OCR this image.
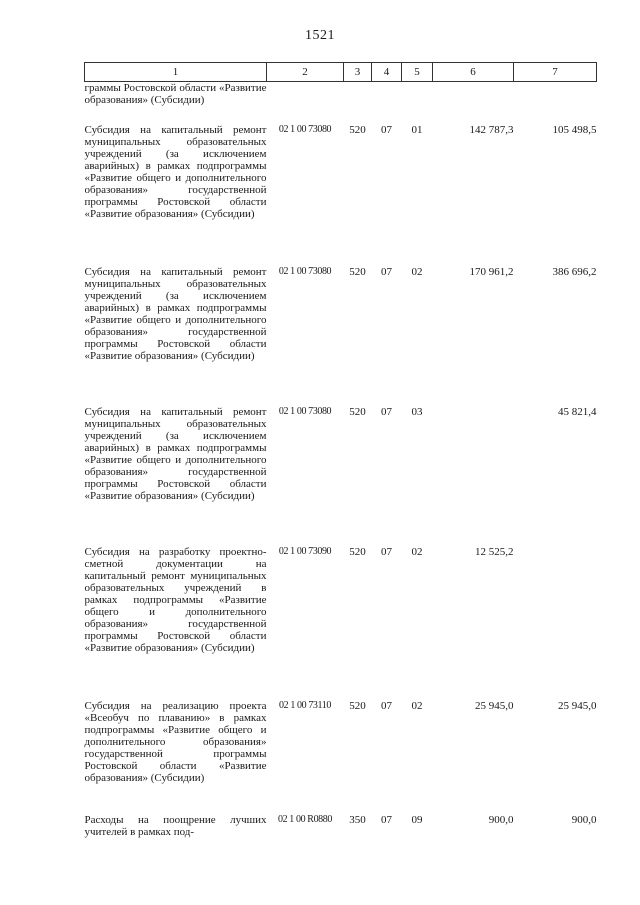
1521
1	2	3	4	5	6	7
граммы Ростовской области «Развитие образования» (Субсидии)						
Субсидия на капитальный ремонт муниципальных образовательных учреждений (за исключением аварийных) в рамках подпрограммы «Развитие общего и дополнительного образования» государственной программы Ростовской области «Развитие образования» (Субсидии)	02 1 00 73080	520	07	01	142 787,3	105 498,5
Субсидия на капитальный ремонт муниципальных образовательных учреждений (за исключением аварийных) в рамках подпрограммы «Развитие общего и дополнительного образования» государственной программы Ростовской области «Развитие образования» (Субсидии)	02 1 00 73080	520	07	02	170 961,2	386 696,2
Субсидия на капитальный ремонт муниципальных образовательных учреждений (за исключением аварийных) в рамках подпрограммы «Развитие общего и дополнительного образования» государственной программы Ростовской области «Развитие образования» (Субсидии)	02 1 00 73080	520	07	03		45 821,4
Субсидия на разработку проектно-сметной документации на капитальный ремонт муниципальных образовательных учреждений в рамках подпрограммы «Развитие общего и дополнительного образования» государственной программы Ростовской области «Развитие образования» (Субсидии)	02 1 00 73090	520	07	02	12 525,2	
Субсидия на реализацию проекта «Всеобуч по плаванию» в рамках подпрограммы «Развитие общего и дополнительного образования» государственной программы Ростовской области «Развитие образования» (Субсидии)	02 1 00 73110	520	07	02	25 945,0	25 945,0
Расходы на поощрение лучших учителей в рамках под-	02 1 00 R0880	350	07	09	900,0	900,0
